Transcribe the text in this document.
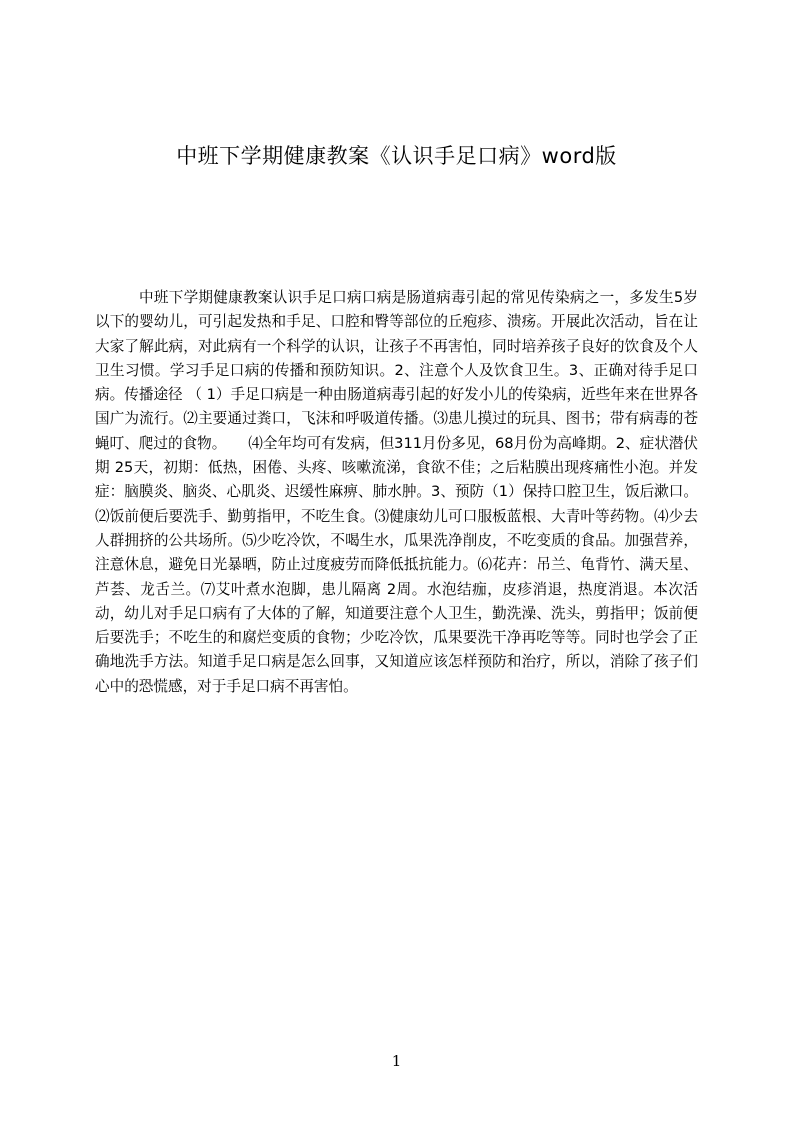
中班下学期健康教案《认识手足口病》word版

中班下学期健康教案认识手足口病口病是肠道病毒引起的常见传染病之一，多发生5岁以下的婴幼儿，可引起发热和手足、口腔和臀等部位的丘疱疹、溃疡。开展此次活动，旨在让大家了解此病，对此病有一个科学的认识，让孩子不再害怕，同时培养孩子良好的饮食及个人卫生习惯。学习手足口病的传播和预防知识。2、注意个人及饮食卫生。3、正确对待手足口病。传播途径 （ 1）手足口病是一种由肠道病毒引起的好发小儿的传染病，近些年来在世界各国广为流行。⑵主要通过粪口，飞沫和呼吸道传播。⑶患儿摸过的玩具、图书；带有病毒的苍蝇叮、爬过的食物。　　⑷全年均可有发病，但311月份多见，68月份为高峰期。2、症状潜伏期 25天，初期：低热，困倦、头疼、咳嗽流涕，食欲不佳；之后粘膜出现疼痛性小泡。并发症：脑膜炎、脑炎、心肌炎、迟缓性麻痹、肺水肿。3、预防（1）保持口腔卫生，饭后漱口。⑵饭前便后要洗手、勤剪指甲，不吃生食。⑶健康幼儿可口服板蓝根、大青叶等药物。⑷少去人群拥挤的公共场所。⑸少吃冷饮，不喝生水，瓜果洗净削皮，不吃变质的食品。加强营养，注意休息，避免日光暴晒，防止过度疲劳而降低抵抗能力。⑹花卉：吊兰、龟背竹、满天星、芦荟、龙舌兰。⑺艾叶煮水泡脚，患儿隔离 2周。水泡结痂，皮疹消退，热度消退。本次活动，幼儿对手足口病有了大体的了解，知道要注意个人卫生，勤洗澡、洗头，剪指甲；饭前便后要洗手；不吃生的和腐烂变质的食物；少吃冷饮，瓜果要洗干净再吃等等。同时也学会了正确地洗手方法。知道手足口病是怎么回事，又知道应该怎样预防和治疗，所以，消除了孩子们心中的恐慌感，对于手足口病不再害怕。

1
